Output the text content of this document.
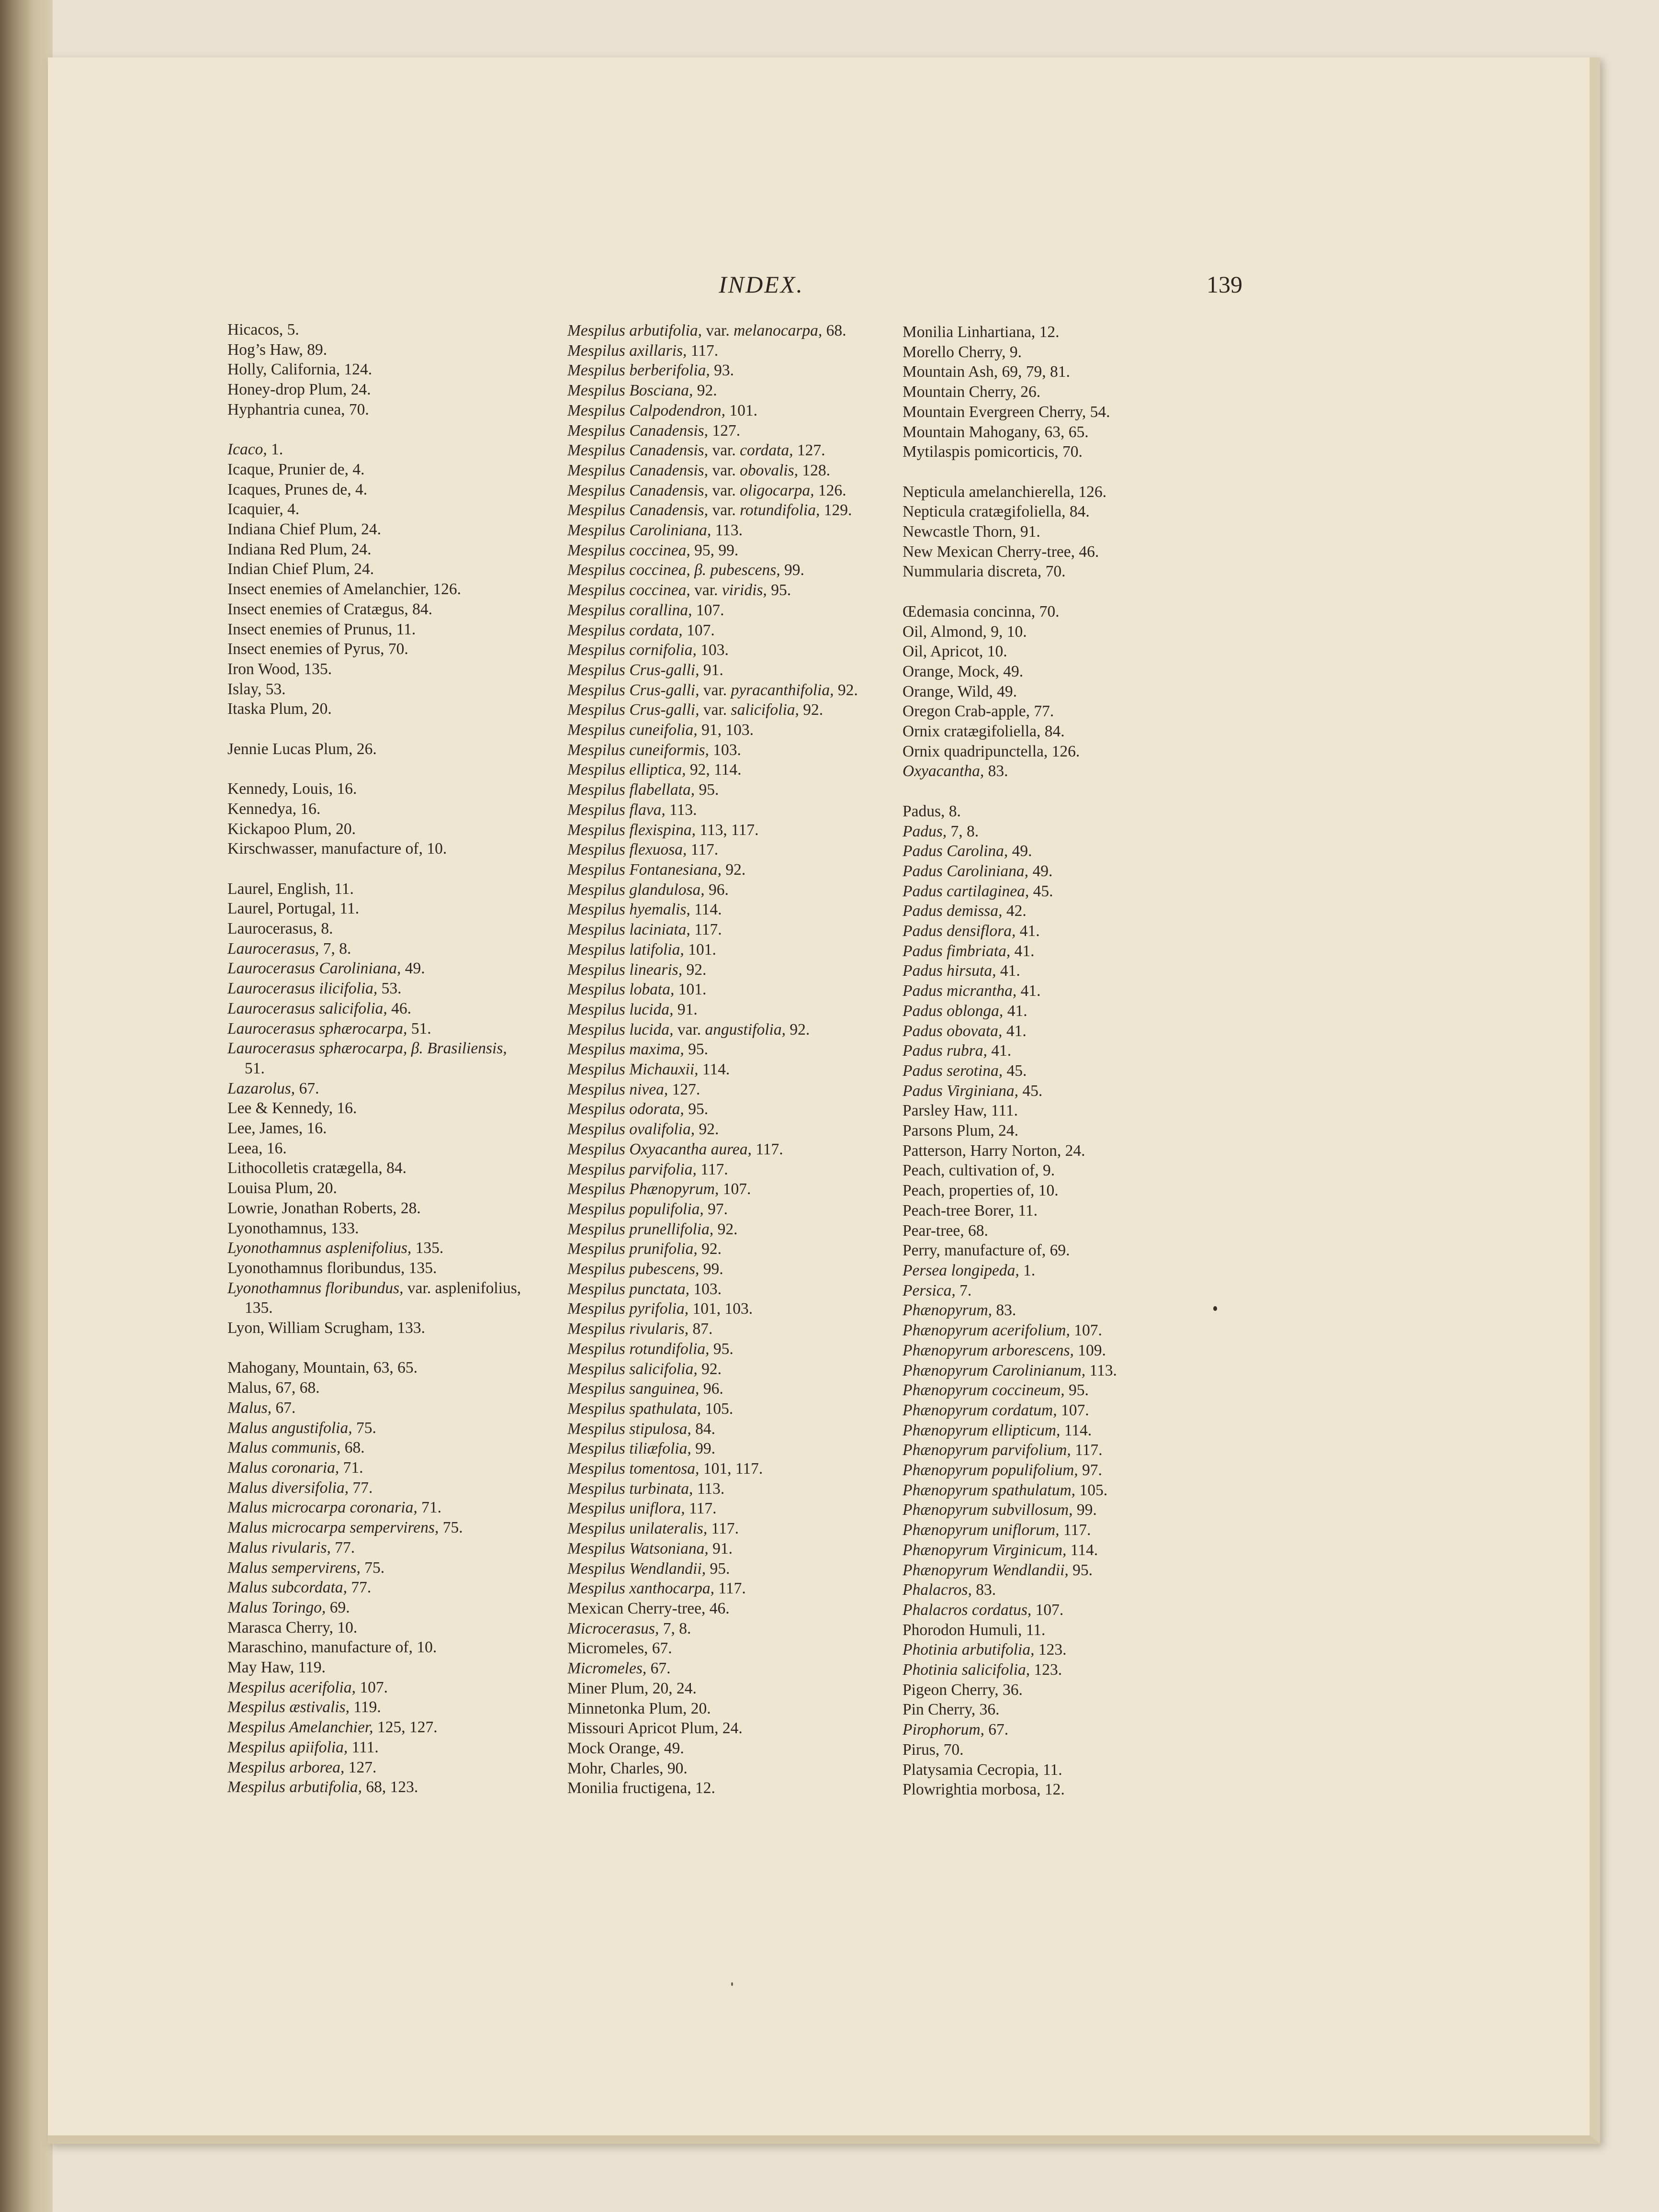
INDEX.	139
Hicacos, 5.
Hog’s Haw, 89.
Holly, California, 124.
Honey-drop Plum, 24.
Hyphantria cunea, 70.
Icaco, 1.
Icaque, Prunier de, 4.
Icaques, Prunes de, 4.
Icaquier, 4.
Indiana Chief Plum, 24.
Indiana Red Plum, 24.
Indian Chief Plum, 24.
Insect enemies of Amelanchier, 126.
Insect enemies of Cratægus, 84.
Insect enemies of Prunus, 11.
Insect enemies of Pyrus, 70.
Iron Wood, 135.
Islay, 53.
Itaska Plum, 20.
Jennie Lucas Plum, 26.
Kennedy, Louis, 16.
Kennedya, 16.
Kickapoo Plum, 20.
Kirschwasser, manufacture of, 10.
Laurel, English, 11.
Laurel, Portugal, 11.
Laurocerasus, 8.
Laurocerasus, 7, 8.
Laurocerasus Caroliniana, 49.
Laurocerasus ilicifolia, 53.
Laurocerasus salicifolia, 46.
Laurocerasus sphærocarpa, 51.
Laurocerasus sphærocarpa, β. Brasiliensis,
51.
Lazarolus, 67.
Lee & Kennedy, 16.
Lee, James, 16.
Leea, 16.
Lithocolletis cratægella, 84.
Louisa Plum, 20.
Lowrie, Jonathan Roberts, 28.
Lyonothamnus, 133.
Lyonothamnus asplenifolius, 135.
Lyonothamnus floribundus, 135.
Lyonothamnus floribundus, var. asplenifolius,
135.
Lyon, William Scrugham, 133.
Mahogany, Mountain, 63, 65.
Malus, 67, 68.
Malus, 67.
Malus angustifolia, 75.
Malus communis, 68.
Malus coronaria, 71.
Malus diversifolia, 77.
Malus microcarpa coronaria, 71.
Malus microcarpa sempervirens, 75.
Malus rivularis, 77.
Malus sempervirens, 75.
Malus subcordata, 77.
Malus Toringo, 69.
Marasca Cherry, 10.
Maraschino, manufacture of, 10.
May Haw, 119.
Mespilus acerifolia, 107.
Mespilus æstivalis, 119.
Mespilus Amelanchier, 125, 127.
Mespilus apiifolia, 111.
Mespilus arborea, 127.
Mespilus arbutifolia, 68, 123.
Mespilus arbutifolia, var. melanocarpa, 68.
Mespilus axillaris, 117.
Mespilus berberifolia, 93.
Mespilus Bosciana, 92.
Mespilus Calpodendron, 101.
Mespilus Canadensis, 127.
Mespilus Canadensis, var. cordata, 127.
Mespilus Canadensis, var. obovalis, 128.
Mespilus Canadensis, var. oligocarpa, 126.
Mespilus Canadensis, var. rotundifolia, 129.
Mespilus Caroliniana, 113.
Mespilus coccinea, 95, 99.
Mespilus coccinea, β. pubescens, 99.
Mespilus coccinea, var. viridis, 95.
Mespilus corallina, 107.
Mespilus cordata, 107.
Mespilus cornifolia, 103.
Mespilus Crus-galli, 91.
Mespilus Crus-galli, var. pyracanthifolia, 92.
Mespilus Crus-galli, var. salicifolia, 92.
Mespilus cuneifolia, 91, 103.
Mespilus cuneiformis, 103.
Mespilus elliptica, 92, 114.
Mespilus flabellata, 95.
Mespilus flava, 113.
Mespilus flexispina, 113, 117.
Mespilus flexuosa, 117.
Mespilus Fontanesiana, 92.
Mespilus glandulosa, 96.
Mespilus hyemalis, 114.
Mespilus laciniata, 117.
Mespilus latifolia, 101.
Mespilus linearis, 92.
Mespilus lobata, 101.
Mespilus lucida, 91.
Mespilus lucida, var. angustifolia, 92.
Mespilus maxima, 95.
Mespilus Michauxii, 114.
Mespilus nivea, 127.
Mespilus odorata, 95.
Mespilus ovalifolia, 92.
Mespilus Oxyacantha aurea, 117.
Mespilus parvifolia, 117.
Mespilus Phænopyrum, 107.
Mespilus populifolia, 97.
Mespilus prunellifolia, 92.
Mespilus prunifolia, 92.
Mespilus pubescens, 99.
Mespilus punctata, 103.
Mespilus pyrifolia, 101, 103.
Mespilus rivularis, 87.
Mespilus rotundifolia, 95.
Mespilus salicifolia, 92.
Mespilus sanguinea, 96.
Mespilus spathulata, 105.
Mespilus stipulosa, 84.
Mespilus tiliæfolia, 99.
Mespilus tomentosa, 101, 117.
Mespilus turbinata, 113.
Mespilus uniflora, 117.
Mespilus unilateralis, 117.
Mespilus Watsoniana, 91.
Mespilus Wendlandii, 95.
Mespilus xanthocarpa, 117.
Mexican Cherry-tree, 46.
Microcerasus, 7, 8.
Micromeles, 67.
Micromeles, 67.
Miner Plum, 20, 24.
Minnetonka Plum, 20.
Missouri Apricot Plum, 24.
Mock Orange, 49.
Mohr, Charles, 90.
Monilia fructigena, 12.
Monilia Linhartiana, 12.
Morello Cherry, 9.
Mountain Ash, 69, 79, 81.
Mountain Cherry, 26.
Mountain Evergreen Cherry, 54.
Mountain Mahogany, 63, 65.
Mytilaspis pomicorticis, 70.
Nepticula amelanchierella, 126.
Nepticula cratægifoliella, 84.
Newcastle Thorn, 91.
New Mexican Cherry-tree, 46.
Nummularia discreta, 70.
Œdemasia concinna, 70.
Oil, Almond, 9, 10.
Oil, Apricot, 10.
Orange, Mock, 49.
Orange, Wild, 49.
Oregon Crab-apple, 77.
Ornix cratægifoliella, 84.
Ornix quadripunctella, 126.
Oxyacantha, 83.
Padus, 8.
Padus, 7, 8.
Padus Carolina, 49.
Padus Caroliniana, 49.
Padus cartilaginea, 45.
Padus demissa, 42.
Padus densiflora, 41.
Padus fimbriata, 41.
Padus hirsuta, 41.
Padus micrantha, 41.
Padus oblonga, 41.
Padus obovata, 41.
Padus rubra, 41.
Padus serotina, 45.
Padus Virginiana, 45.
Parsley Haw, 111.
Parsons Plum, 24.
Patterson, Harry Norton, 24.
Peach, cultivation of, 9.
Peach, properties of, 10.
Peach-tree Borer, 11.
Pear-tree, 68.
Perry, manufacture of, 69.
Persea longipeda, 1.
Persica, 7.
Phænopyrum, 83.
Phænopyrum acerifolium, 107.
Phænopyrum arborescens, 109.
Phænopyrum Carolinianum, 113.
Phænopyrum coccineum, 95.
Phænopyrum cordatum, 107.
Phænopyrum ellipticum, 114.
Phænopyrum parvifolium, 117.
Phænopyrum populifolium, 97.
Phænopyrum spathulatum, 105.
Phænopyrum subvillosum, 99.
Phænopyrum uniflorum, 117.
Phænopyrum Virginicum, 114.
Phænopyrum Wendlandii, 95.
Phalacros, 83.
Phalacros cordatus, 107.
Phorodon Humuli, 11.
Photinia arbutifolia, 123.
Photinia salicifolia, 123.
Pigeon Cherry, 36.
Pin Cherry, 36.
Pirophorum, 67.
Pirus, 70.
Platysamia Cecropia, 11.
Plowrightia morbosa, 12.
